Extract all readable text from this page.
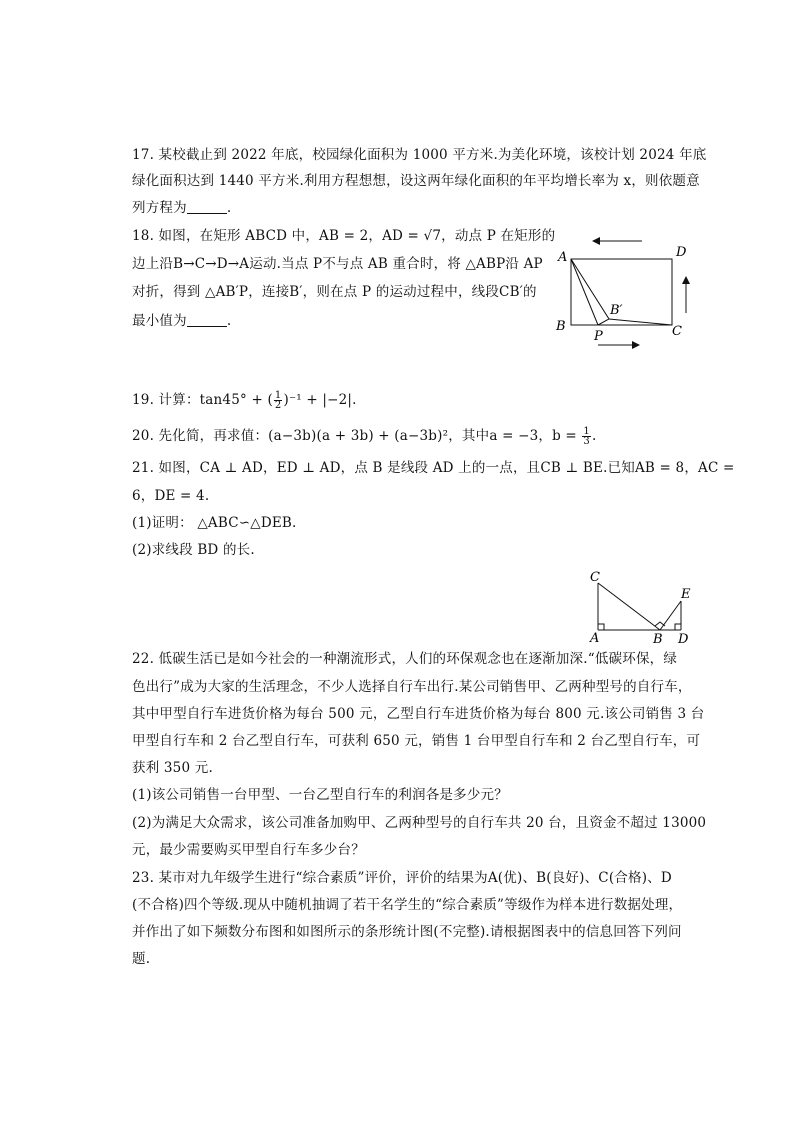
17. 某校截止到 2022 年底，校园绿化面积为 1000 平方米.为美化环境，该校计划 2024 年底
绿化面积达到 1440 平方米.利用方程想想，设这两年绿化面积的年平均增长率为 x，则依题意
列方程为	.
18. 如图，在矩形 ABCD 中，AB = 2，AD = √7，动点 P 在矩形的
边上沿B→C→D→A运动.当点 P不与点 AB 重合时，将 △ABP沿 AP
对折，得到 △AB′P，连接B′，则在点 P 的运动过程中，线段CB′的
最小值为	.
A	D
B	C
P
B′
19. 计算：tan45° + ( $\frac{1}{2} )^{-1} + |-2|$.
20. 先化简，再求值：(a−3b)(a + 3b) + (a−3b)²，其中a = −3，$b = \frac{1}{3}$ .
21. 如图，CA ⊥ AD，ED ⊥ AD，点 B 是线段 AD 上的一点，且CB ⊥ BE.已知AB = 8，AC =
6，DE = 4.
(1)证明： △ABC∽△DEB.
(2)求线段 BD 的长.
C
E
A	B D
22. 低碳生活已是如今社会的一种潮流形式，人们的环保观念也在逐渐加深.“低碳环保，绿
色出行”成为大家的生活理念，不少人选择自行车出行.某公司销售甲、乙两种型号的自行车，
其中甲型自行车进货价格为每台 500 元，乙型自行车进货价格为每台 800 元.该公司销售 3 台
甲型自行车和 2 台乙型自行车，可获利 650 元，销售 1 台甲型自行车和 2 台乙型自行车，可
获利 350 元.
(1)该公司销售一台甲型、一台乙型自行车的利润各是多少元？
(2)为满足大众需求，该公司准备加购甲、乙两种型号的自行车共 20 台，且资金不超过 13000
元，最少需要购买甲型自行车多少台？
23. 某市对九年级学生进行“综合素质”评价，评价的结果为A(优)、B(良好)、C(合格)、D
(不合格)四个等级.现从中随机抽调了若干名学生的“综合素质”等级作为样本进行数据处理，
并作出了如下频数分布图和如图所示的条形统计图(不完整).请根据图表中的信息回答下列问
题.
